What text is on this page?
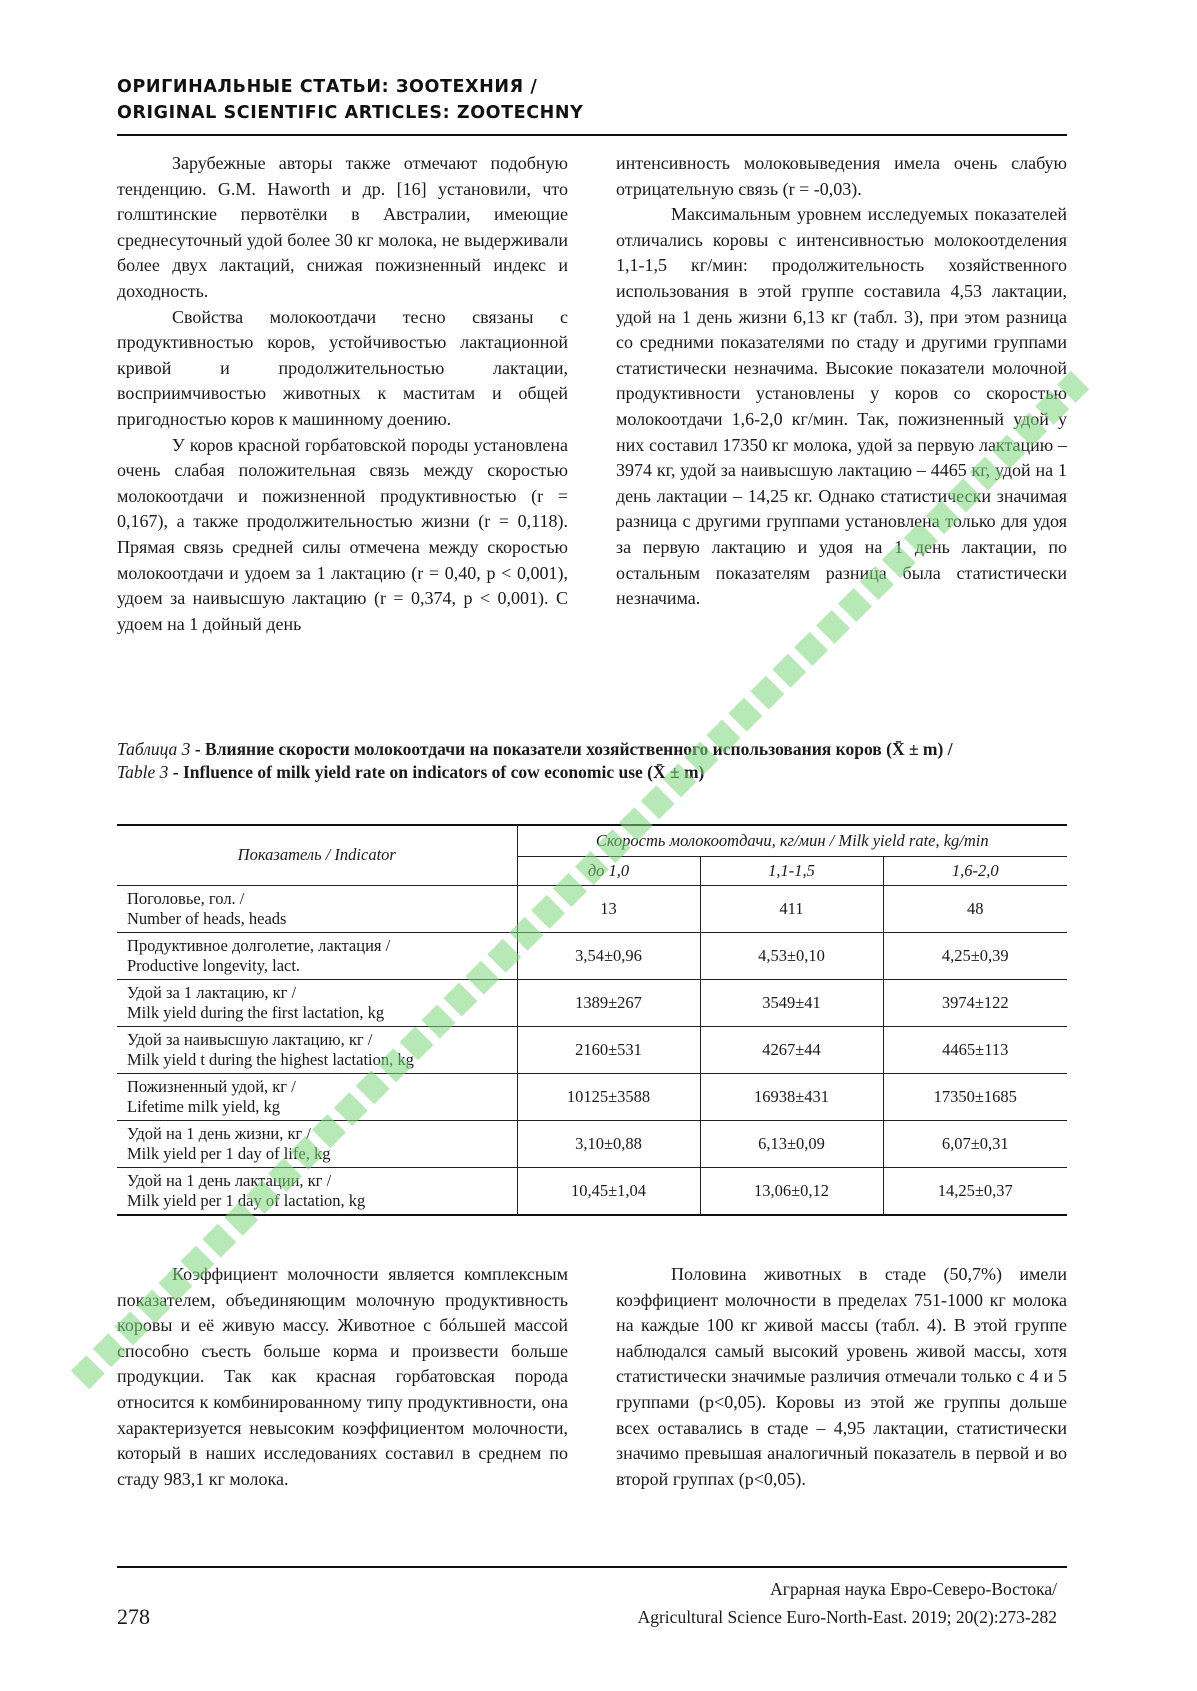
ОРИГИНАЛЬНЫЕ СТАТЬИ: ЗООТЕХНИЯ /
ORIGINAL SCIENTIFIC ARTICLES: ZOOTECHNY

Зарубежные авторы также отмечают подобную тенденцию. G.M. Haworth и др. [16] установили, что голштинские первотёлки в Австралии, имеющие среднесуточный удой более 30 кг молока, не выдерживали более двух лактаций, снижая пожизненный индекс и доходность.

Свойства молокоотдачи тесно связаны с продуктивностью коров, устойчивостью лактационной кривой и продолжительностью лактации, восприимчивостью животных к маститам и общей пригодностью коров к машинному доению.

У коров красной горбатовской породы установлена очень слабая положительная связь между скоростью молокоотдачи и пожизненной продуктивностью (r = 0,167), а также продолжительностью жизни (r = 0,118). Прямая связь средней силы отмечена между скоростью молокоотдачи и удоем за 1 лактацию (r = 0,40, p < 0,001), удоем за наивысшую лактацию (r = 0,374, p < 0,001). С удоем на 1 дойный день

интенсивность молоковыведения имела очень слабую отрицательную связь (r = -0,03).

Максимальным уровнем исследуемых показателей отличались коровы с интенсивностью молокоотделения 1,1-1,5 кг/мин: продолжительность хозяйственного использования в этой группе составила 4,53 лактации, удой на 1 день жизни 6,13 кг (табл. 3), при этом разница со средними показателями по стаду и другими группами статистически незначима. Высокие показатели молочной продуктивности установлены у коров со скоростью молокоотдачи 1,6-2,0 кг/мин. Так, пожизненный удой у них составил 17350 кг молока, удой за первую лактацию – 3974 кг, удой за наивысшую лактацию – 4465 кг, удой на 1 день лактации – 14,25 кг. Однако статистически значимая разница с другими группами установлена только для удоя за первую лактацию и удоя на 1 день лактации, по остальным показателям разница была статистически незначима.

Таблица 3 - Влияние скорости молокоотдачи на показатели хозяйственного использования коров (X̄ ± m) /
Table 3 - Influence of milk yield rate on indicators of cow economic use (X̄ ± m)
Показатель / Indicator	Скорость молокоотдачи, кг/мин / Milk yield rate, kg/min		
	до 1,0	1,1-1,5	1,6-2,0

Поголовье, гол. /
Number of heads, heads	13	411	48

Продуктивное долголетие, лактация /
Productive longevity, lact.	3,54±0,96	4,53±0,10	4,25±0,39

Удой за 1 лактацию, кг /
Milk yield during the first lactation, kg	1389±267	3549±41	3974±122

Удой за наивысшую лактацию, кг /
Milk yield t during the highest lactation, kg	2160±531	4267±44	4465±113

Пожизненный удой, кг /
Lifetime milk yield, kg	10125±3588	16938±431	17350±1685

Удой на 1 день жизни, кг /
Milk yield per 1 day of life, kg	3,10±0,88	6,13±0,09	6,07±0,31

Удой на 1 день лактации, кг /
Milk yield per 1 day of lactation, kg	10,45±1,04	13,06±0,12	14,25±0,37

Коэффициент молочности является комплексным показателем, объединяющим молочную продуктивность коровы и её живую массу. Животное с бóльшей массой способно съесть больше корма и произвести больше продукции. Так как красная горбатовская порода относится к комбинированному типу продуктивности, она характеризуется невысоким коэффициентом молочности, который в наших исследованиях составил в среднем по стаду 983,1 кг молока.

Половина животных в стаде (50,7%) имели коэффициент молочности в пределах 751-1000 кг молока на каждые 100 кг живой массы (табл. 4). В этой группе наблюдался самый высокий уровень живой массы, хотя статистически значимые различия отмечали только с 4 и 5 группами (p<0,05). Коровы из этой же группы дольше всех оставались в стаде – 4,95 лактации, статистически значимо превышая аналогичный показатель в первой и во второй группах (p<0,05).

278
Аграрная наука Евро-Северо-Востока/
Agricultural Science Euro-North-East. 2019; 20(2):273-282
